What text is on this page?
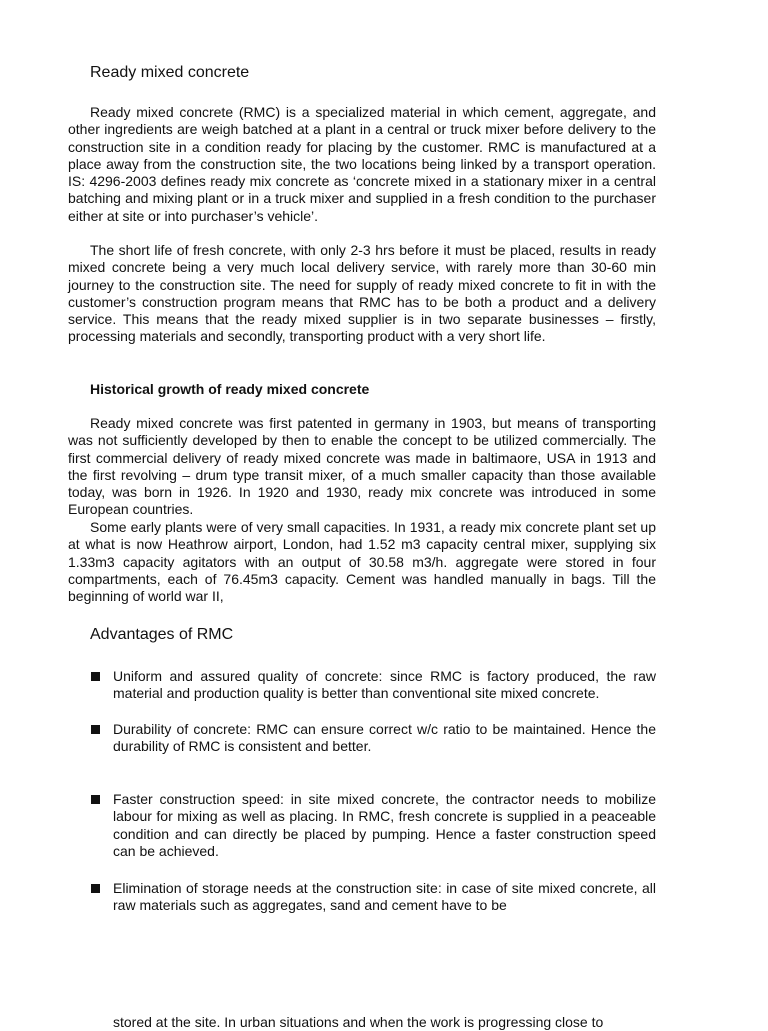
Ready mixed concrete

Ready mixed concrete (RMC) is a specialized material in which cement, aggregate, and other ingredients are weigh batched at a plant in a central or truck mixer before delivery to the construction site in a condition ready for placing by the customer. RMC is manufactured at a place away from the construction site, the two locations being linked by a transport operation. IS: 4296-2003 defines ready mix concrete as ‘concrete mixed in a stationary mixer in a central batching and mixing plant or in a truck mixer and supplied in a fresh condition to the purchaser either at site or into purchaser’s vehicle’.

The short life of fresh concrete, with only 2-3 hrs before it must be placed, results in ready mixed concrete being a very much local delivery service, with rarely more than 30-60 min journey to the construction site. The need for supply of ready mixed concrete to fit in with the customer’s construction program means that RMC has to be both a product and a delivery service. This means that the ready mixed supplier is in two separate businesses – firstly, processing materials and secondly, transporting product with a very short life.

Historical growth of ready mixed concrete

Ready mixed concrete was first patented in germany in 1903, but means of transporting was not sufficiently developed by then to enable the concept to be utilized commercially. The first commercial delivery of ready mixed concrete was made in baltimaore, USA in 1913 and the first revolving – drum type transit mixer, of a much smaller capacity than those available today, was born in 1926. In 1920 and 1930, ready mix concrete was introduced in some European countries.

Some early plants were of very small capacities. In 1931, a ready mix concrete plant set up at what is now Heathrow airport, London, had 1.52 m3 capacity central mixer, supplying six 1.33m3 capacity agitators with an output of 30.58 m3/h. aggregate were stored in four compartments, each of 76.45m3 capacity. Cement was handled manually in bags. Till the beginning of world war II,

Advantages of RMC
Uniform and assured quality of concrete: since RMC is factory produced, the raw material and production quality is better than conventional site mixed concrete.
Durability of concrete: RMC can ensure correct w/c ratio to be maintained. Hence the durability of RMC is consistent and better.
Faster construction speed: in site mixed concrete, the contractor needs to mobilize labour for mixing as well as placing. In RMC, fresh concrete is supplied in a peaceable condition and can directly be placed by pumping. Hence a faster construction speed can be achieved.
Elimination of storage needs at the construction site: in case of site mixed concrete, all raw materials such as aggregates, sand and cement have to be
stored at the site. In urban situations and when the work is progressing close to
